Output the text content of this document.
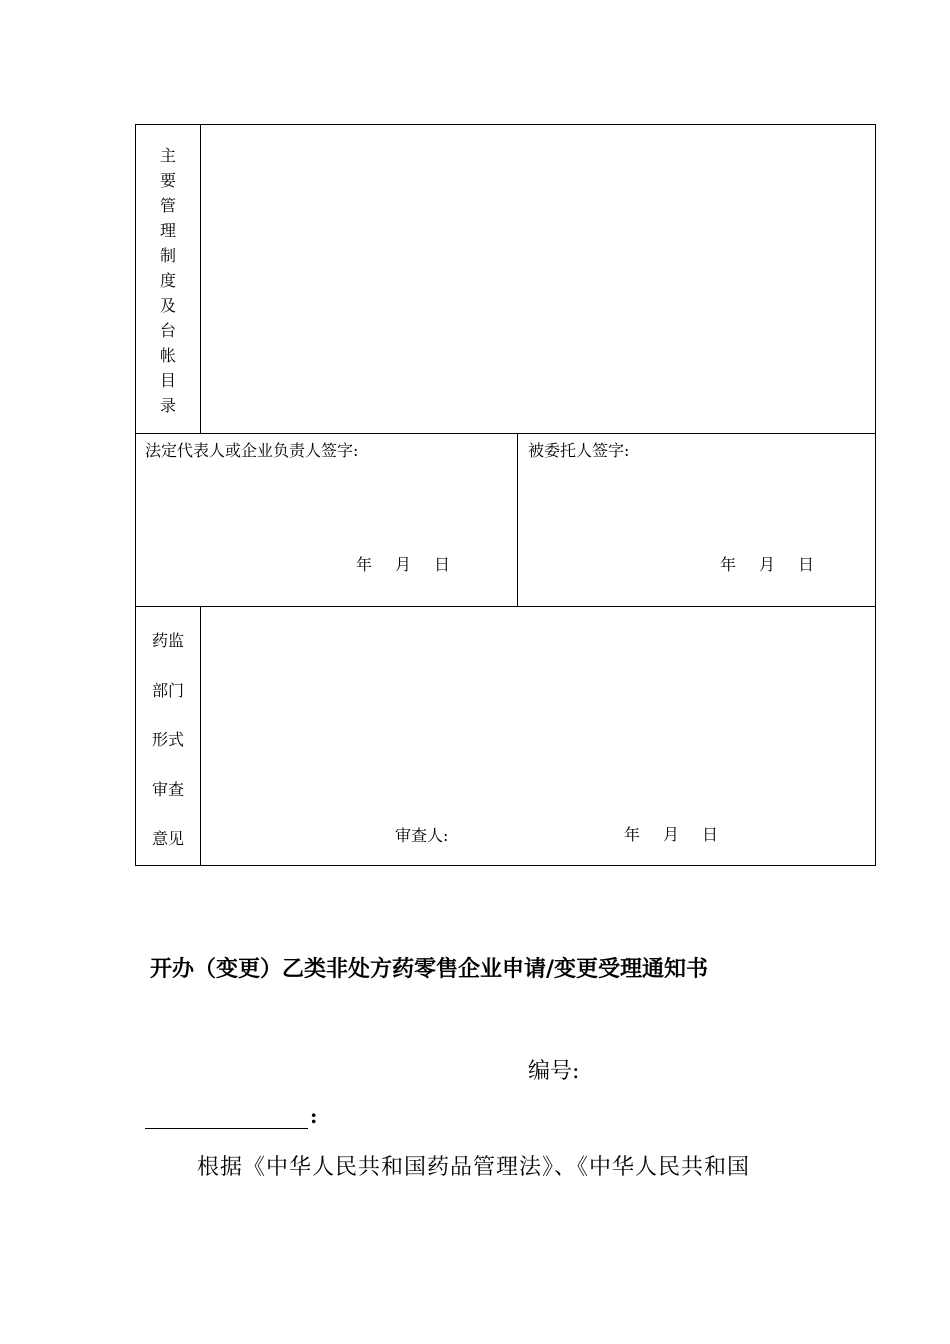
主
要
管
理
制
度
及
台
帐
目
录
法定代表人或企业负责人签字:	被委托人签字:
年 月 日	年 月 日
药监
部门
形式
审查
意见	审查人:	年 月 日
开办（变更）乙类非处方药零售企业申请/变更受理通知书
编号:
:
根据《中华人民共和国药品管理法》、《中华人民共和国
